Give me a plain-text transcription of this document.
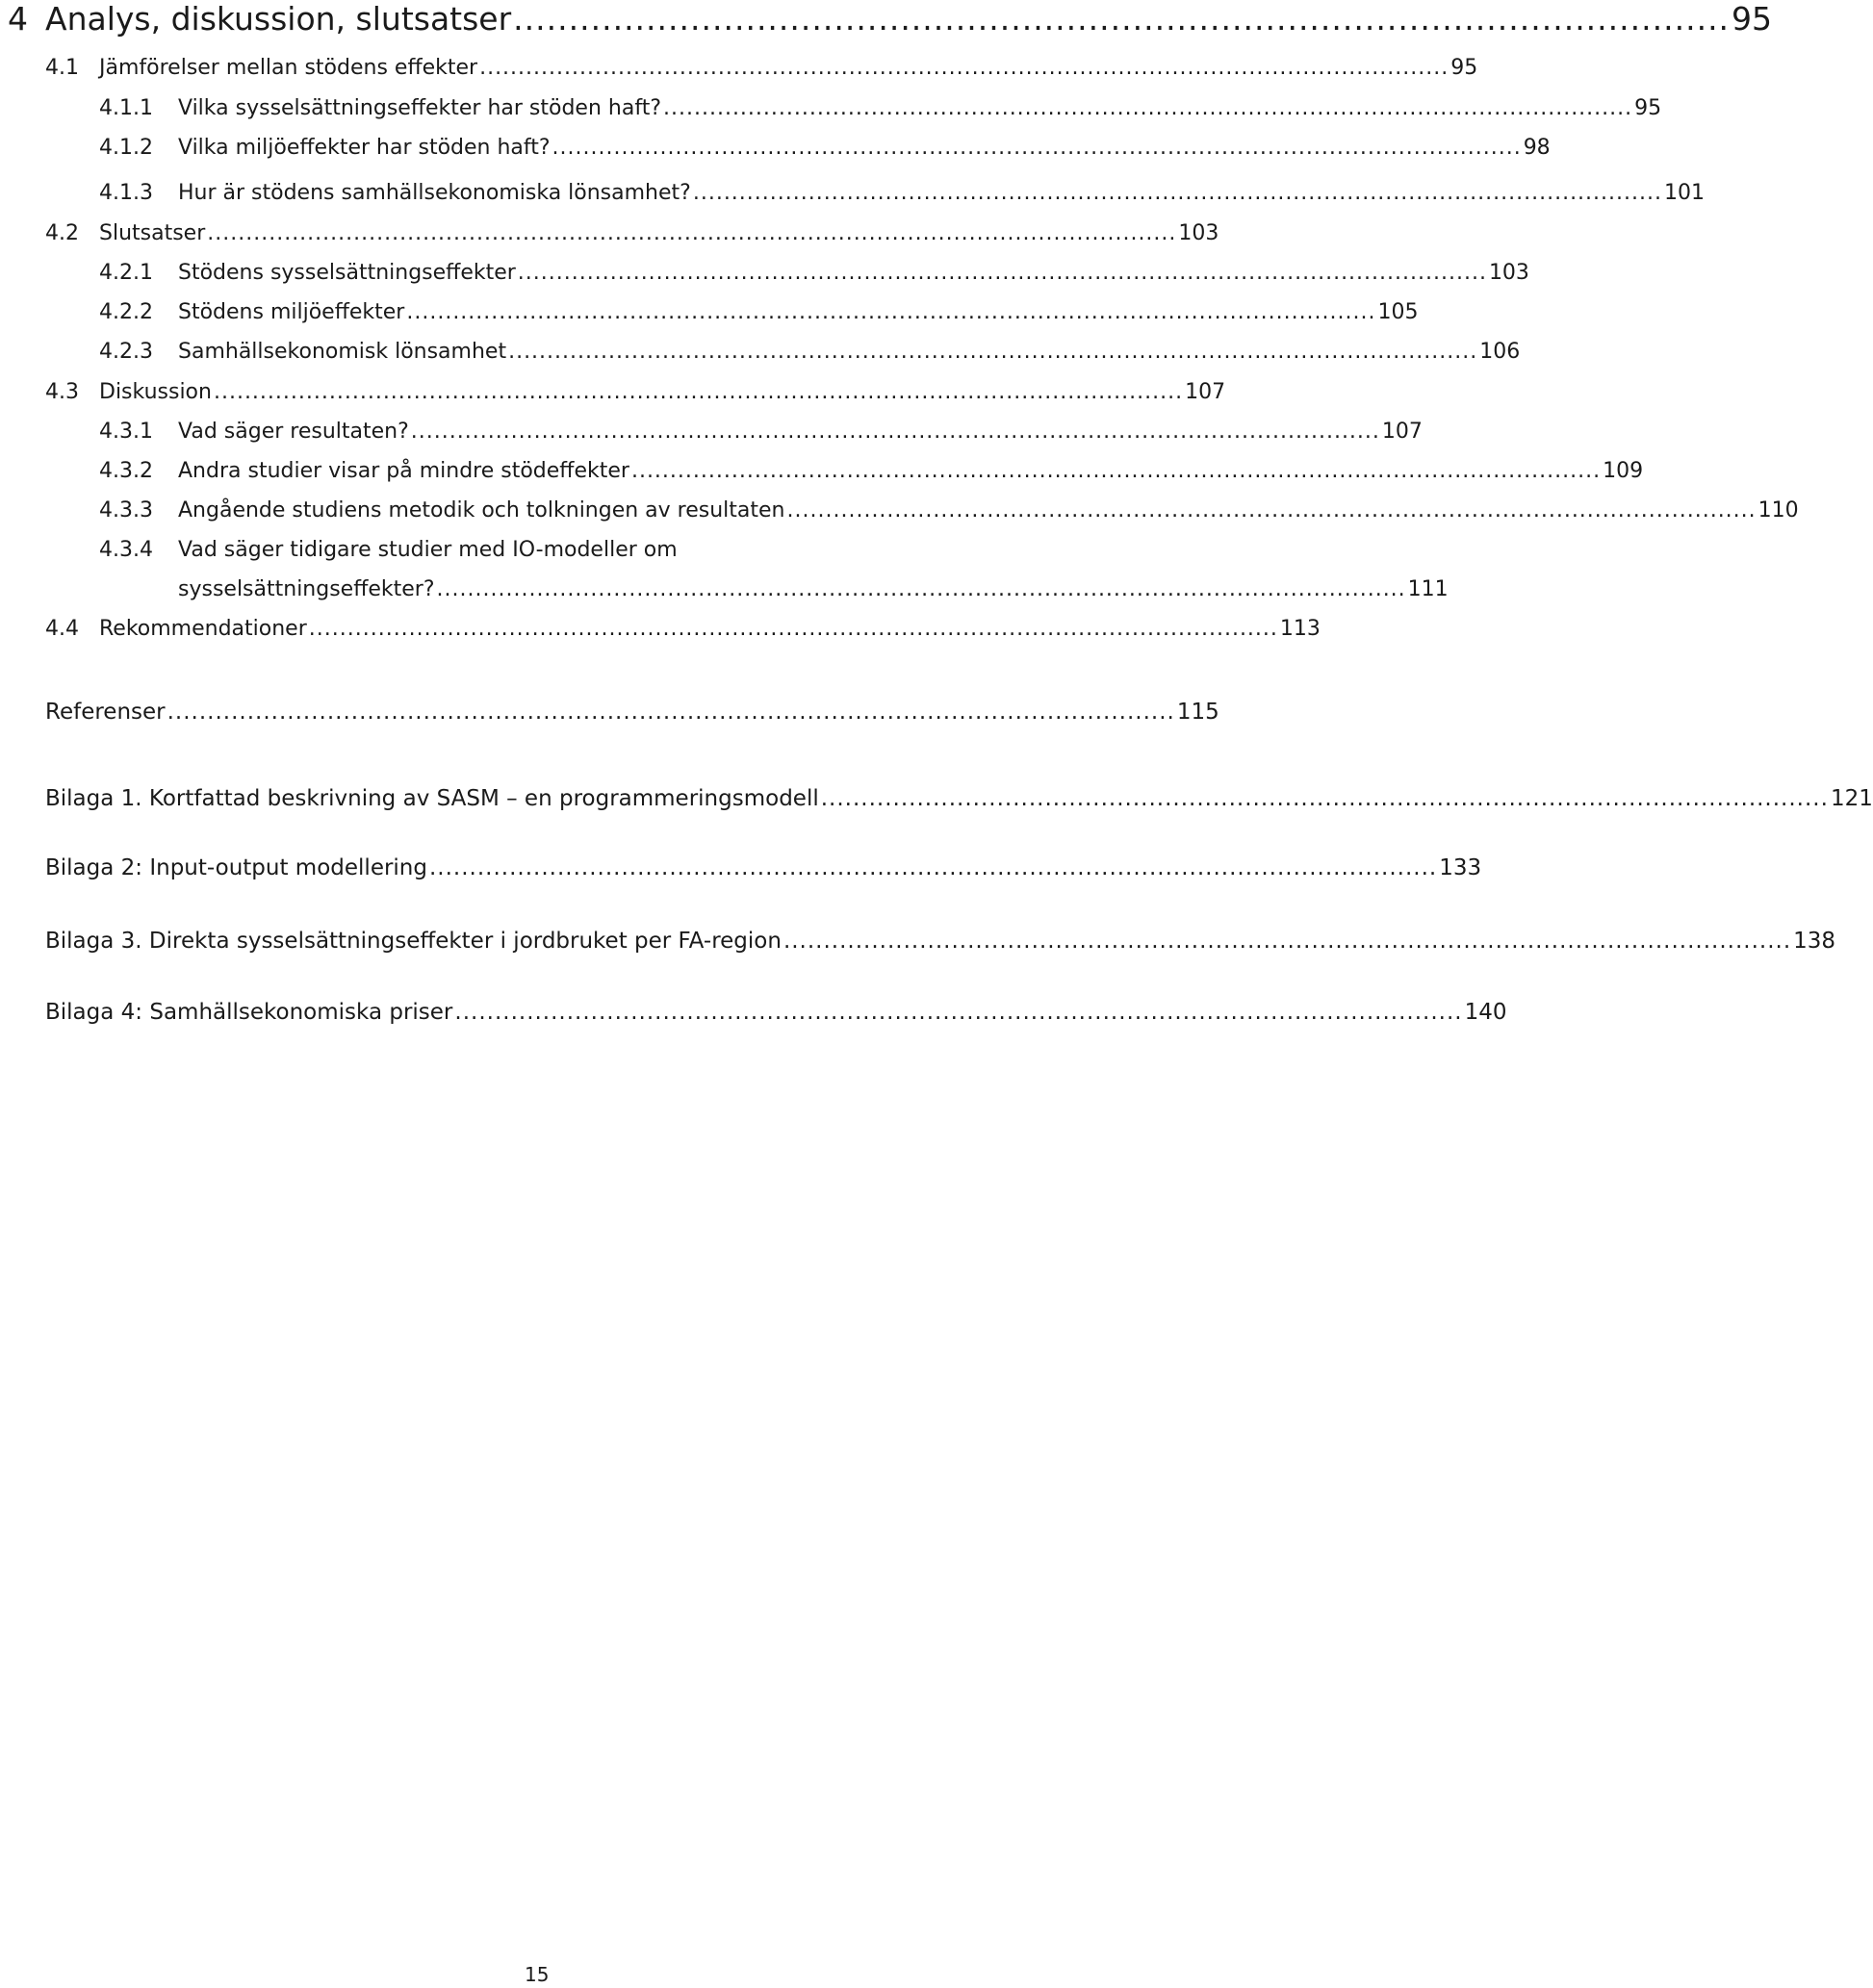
4 Analys, diskussion, slutsatser .............................................................................................................. 95
4.1 Jämförelser mellan stödens effekter .............................................................................................................................. 95
4.1.1 Vilka sysselsättningseffekter har stöden haft? .............................................................................................................................. 95
4.1.2 Vilka miljöeffekter har stöden haft? .............................................................................................................................. 98
4.1.3 Hur är stödens samhällsekonomiska lönsamhet? .............................................................................................................................. 101
4.2 Slutsatser .............................................................................................................................. 103
4.2.1 Stödens sysselsättningseffekter .............................................................................................................................. 103
4.2.2 Stödens miljöeffekter .............................................................................................................................. 105
4.2.3 Samhällsekonomisk lönsamhet .............................................................................................................................. 106
4.3 Diskussion .............................................................................................................................. 107
4.3.1 Vad säger resultaten? .............................................................................................................................. 107
4.3.2 Andra studier visar på mindre stödeffekter .............................................................................................................................. 109
4.3.3 Angående studiens metodik och tolkningen av resultaten .............................................................................................................................. 110
4.3.4 Vad säger tidigare studier med IO-modeller om
sysselsättningseffekter? .............................................................................................................................. 111
4.4 Rekommendationer .............................................................................................................................. 113
Referenser .............................................................................................................................. 115
Bilaga 1. Kortfattad beskrivning av SASM – en programmeringsmodell .............................................................................................................................. 121
Bilaga 2: Input-output modellering .............................................................................................................................. 133
Bilaga 3. Direkta sysselsättningseffekter i jordbruket per FA-region .............................................................................................................................. 138
Bilaga 4: Samhällsekonomiska priser .............................................................................................................................. 140
15
